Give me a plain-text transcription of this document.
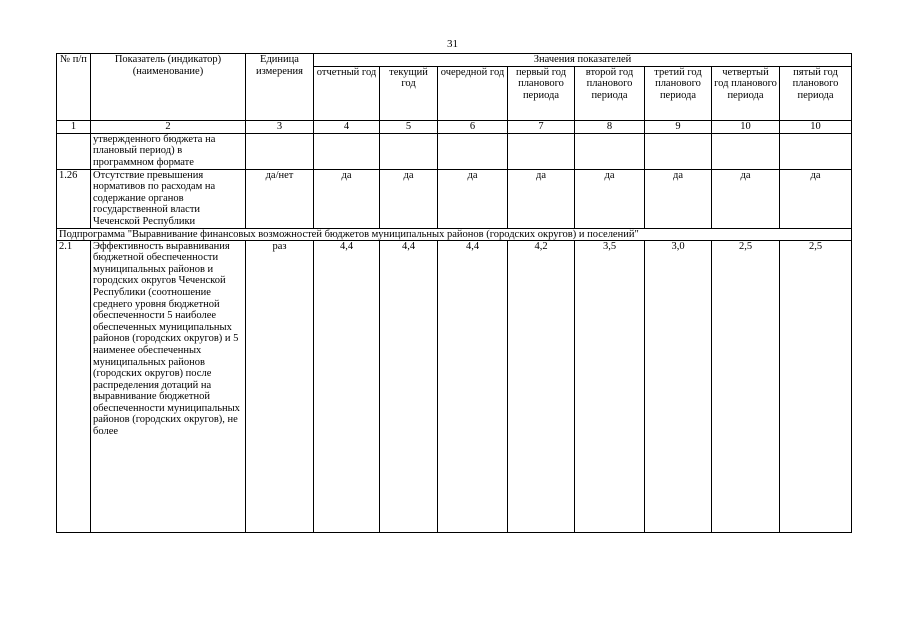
31
№ п/п	Показатель (индикатор) (наименование)	Единица измерения	Значения показателей							
			отчетный год	текущий год	очередной год	первый год планового периода	второй год планового периода	третий год планового периода	четвертый год планового периода	пятый год планового периода
1	2	3	4	5	6	7	8	9	10	10
	утвержденного бюджета на плановый период) в программном формате									
1.26	Отсутствие превышения нормативов по расходам на содержание органов государственной власти Чеченской Республики	да/нет	да	да	да	да	да	да	да	да
Подпрограмма "Выравнивание финансовых возможностей бюджетов муниципальных районов (городских округов) и поселений"										
2.1	Эффективность выравнивания бюджетной обеспеченности муниципальных районов и городских округов Чеченской Республики (соотношение среднего уровня бюджетной обеспеченности 5 наиболее обеспеченных муниципальных районов (городских округов) и 5 наименее обеспеченных муниципальных районов (городских округов) после распределения дотаций на выравнивание бюджетной обеспеченности муниципальных районов (городских округов), не более	раз	4,4	4,4	4,4	4,2	3,5	3,0	2,5	2,5
